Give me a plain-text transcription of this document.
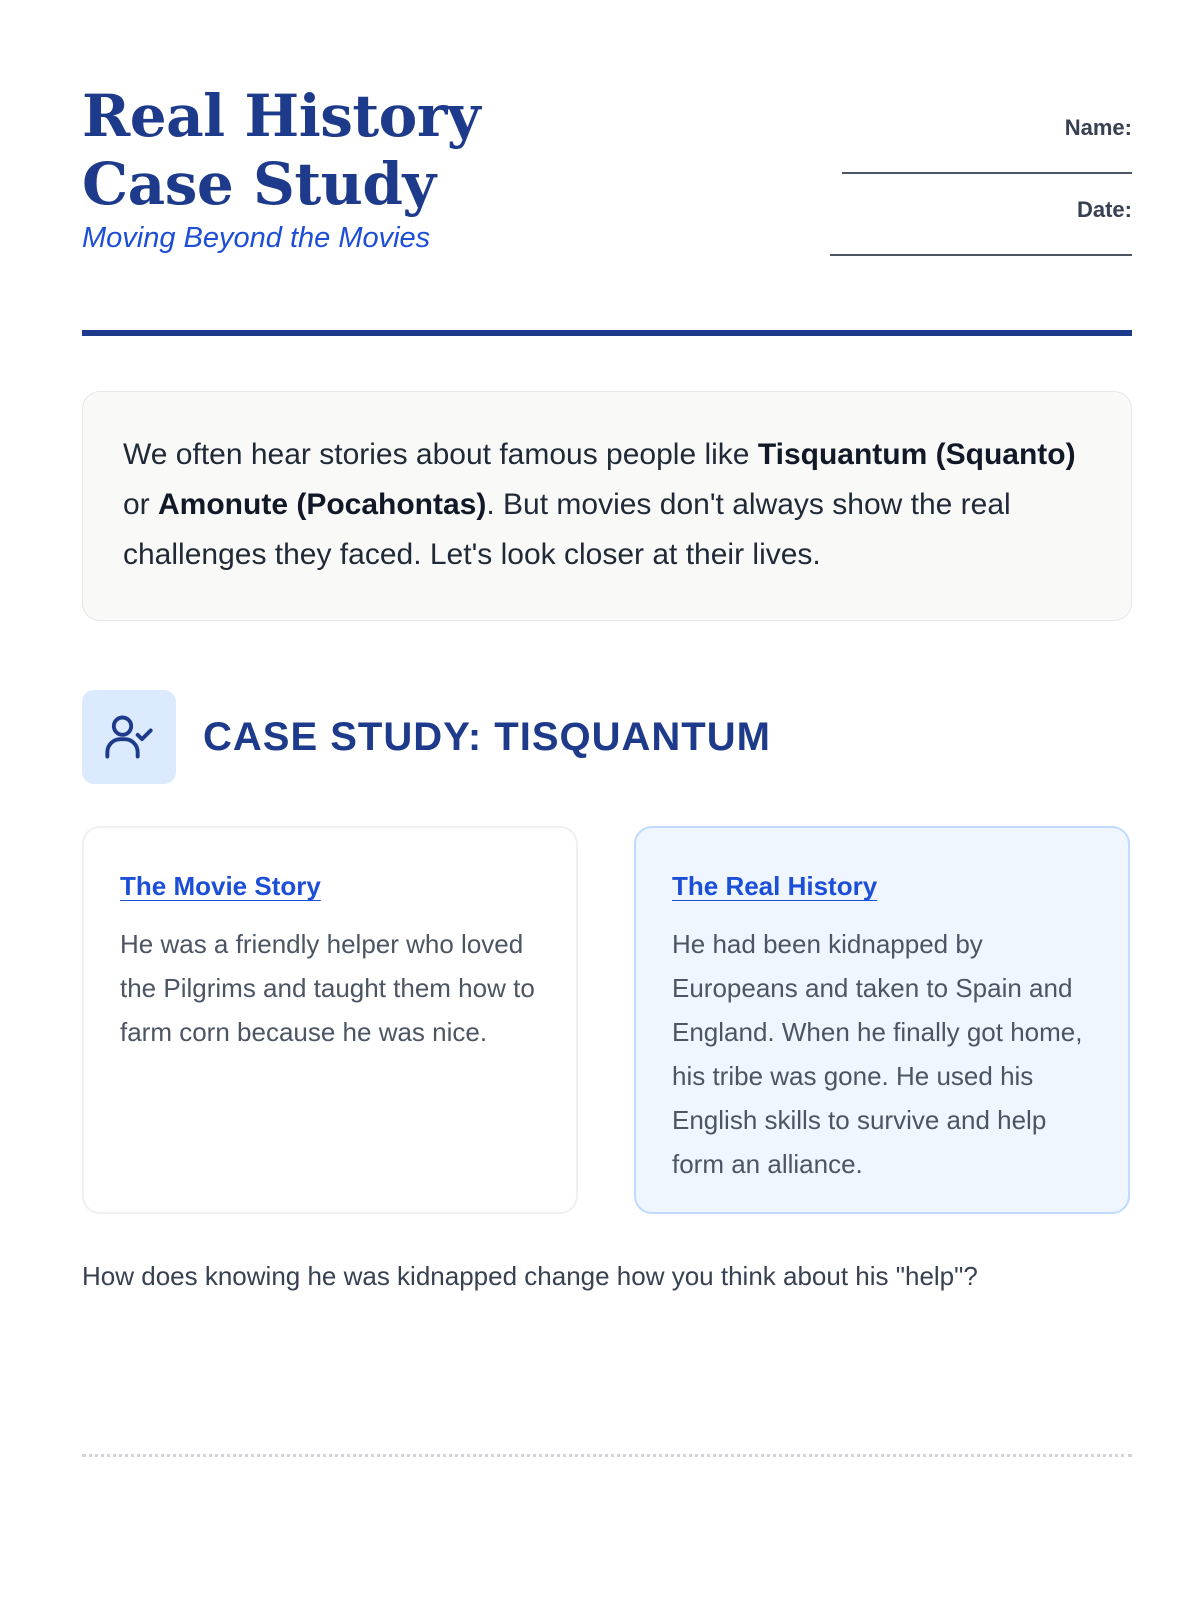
Real History Case Study

Moving Beyond the Movies

Name:
Date:
We often hear stories about famous people like Tisquantum (Squanto) or Amonute (Pocahontas). But movies don't always show the real challenges they faced. Let's look closer at their lives.
CASE STUDY: TISQUANTUM
The Movie Story

He was a friendly helper who loved the Pilgrims and taught them how to farm corn because he was nice.

The Real History

He had been kidnapped by Europeans and taken to Spain and England. When he finally got home, his tribe was gone. He used his English skills to survive and help form an alliance.

How does knowing he was kidnapped change how you think about his "help"?
